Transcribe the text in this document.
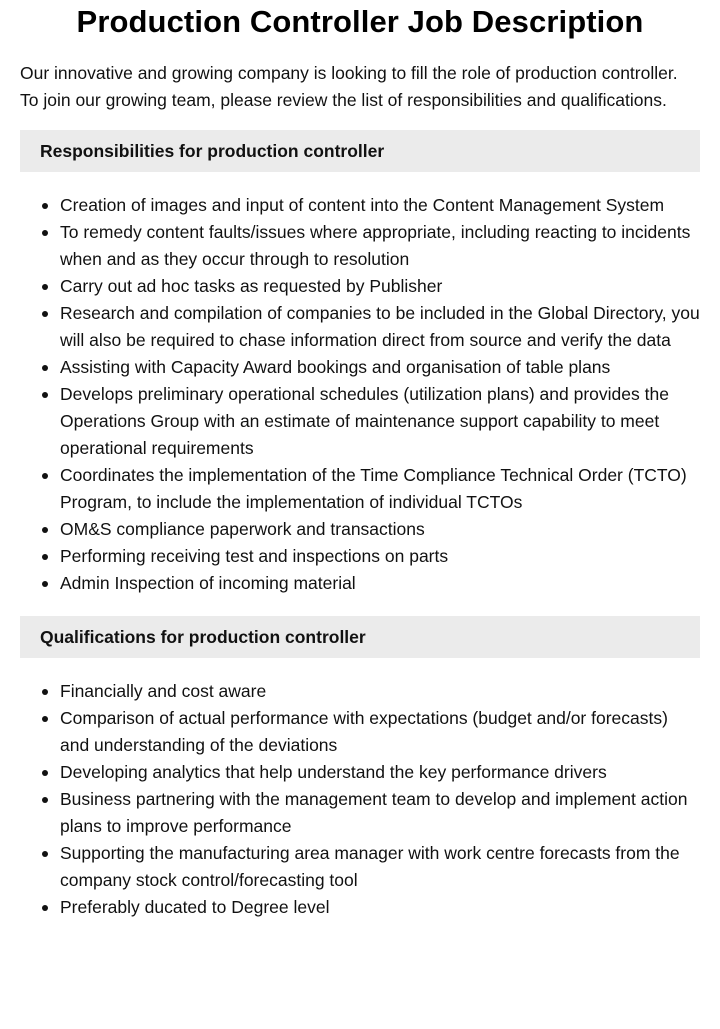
Production Controller Job Description

Our innovative and growing company is looking to fill the role of production controller. To join our growing team, please review the list of responsibilities and qualifications.

Responsibilities for production controller
Creation of images and input of content into the Content Management System
To remedy content faults/issues where appropriate, including reacting to incidents when and as they occur through to resolution
Carry out ad hoc tasks as requested by Publisher
Research and compilation of companies to be included in the Global Directory, you will also be required to chase information direct from source and verify the data
Assisting with Capacity Award bookings and organisation of table plans
Develops preliminary operational schedules (utilization plans) and provides the Operations Group with an estimate of maintenance support capability to meet operational requirements
Coordinates the implementation of the Time Compliance Technical Order (TCTO) Program, to include the implementation of individual TCTOs
OM&S compliance paperwork and transactions
Performing receiving test and inspections on parts
Admin Inspection of incoming material
Qualifications for production controller
Financially and cost aware
Comparison of actual performance with expectations (budget and/or forecasts) and understanding of the deviations
Developing analytics that help understand the key performance drivers
Business partnering with the management team to develop and implement action plans to improve performance
Supporting the manufacturing area manager with work centre forecasts from the company stock control/forecasting tool
Preferably ducated to Degree level
